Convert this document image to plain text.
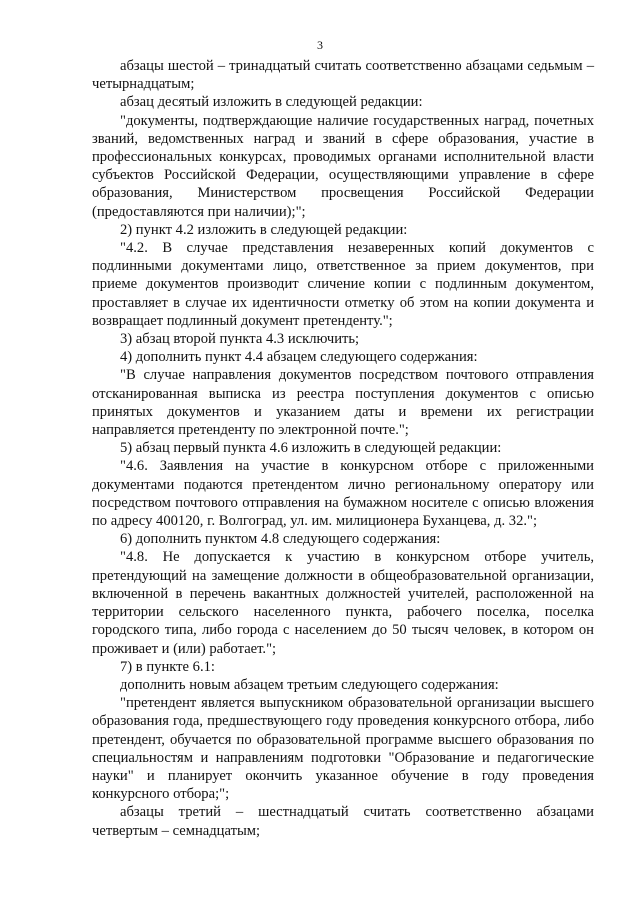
3

абзацы шестой – тринадцатый считать соответственно абзацами седьмым – четырнадцатым;

абзац десятый изложить в следующей редакции:

"документы, подтверждающие наличие государственных наград, почетных званий, ведомственных наград и званий в сфере образования, участие в профессиональных конкурсах, проводимых органами исполнительной власти субъектов Российской Федерации, осуществляющими управление в сфере образования, Министерством просвещения Российской Федерации (предоставляются при наличии);";

2) пункт 4.2 изложить в следующей редакции:

"4.2. В случае представления незаверенных копий документов с подлинными документами лицо, ответственное за прием документов, при приеме документов производит сличение копии с подлинным документом, проставляет в случае их идентичности отметку об этом на копии документа и возвращает подлинный документ претенденту.";

3) абзац второй пункта 4.3 исключить;

4) дополнить пункт 4.4 абзацем следующего содержания:

"В случае направления документов посредством почтового отправления отсканированная выписка из реестра поступления документов с описью принятых документов и указанием даты и времени их регистрации направляется претенденту по электронной почте.";

5) абзац первый пункта 4.6 изложить в следующей редакции:

"4.6. Заявления на участие в конкурсном отборе с приложенными документами подаются претендентом лично региональному оператору или посредством почтового отправления на бумажном носителе с описью вложения по адресу 400120, г. Волгоград, ул. им. милиционера Буханцева, д. 32.";

6) дополнить пунктом 4.8 следующего содержания:

"4.8. Не допускается к участию в конкурсном отборе учитель, претендующий на замещение должности в общеобразовательной организации, включенной в перечень вакантных должностей учителей, расположенной на территории сельского населенного пункта, рабочего поселка, поселка городского типа, либо города с населением до 50 тысяч человек, в котором он проживает и (или) работает.";

7) в пункте 6.1:

дополнить новым абзацем третьим следующего содержания:

"претендент является выпускником образовательной организации высшего образования года, предшествующего году проведения конкурсного отбора, либо претендент, обучается по образовательной программе высшего образования по специальностям и направлениям подготовки "Образование и педагогические науки" и планирует окончить указанное обучение в году проведения конкурсного отбора;";

абзацы третий – шестнадцатый считать соответственно абзацами четвертым – семнадцатым;
